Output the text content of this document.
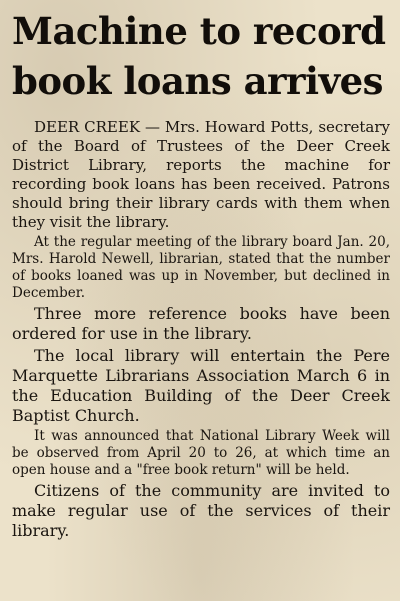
Machine to record
book loans arrives

DEER CREEK — Mrs. Howard Potts, secretary of the Board of Trustees of the Deer Creek District Library, reports the machine for recording book loans has been received. Patrons should bring their library cards with them when they visit the library.

At the regular meeting of the library board Jan. 20, Mrs. Harold Newell, librarian, stated that the number of books loaned was up in November, but declined in December.

Three more reference books have been ordered for use in the library.

The local library will entertain the Pere Marquette Librarians Association March 6 in the Education Building of the Deer Creek Baptist Church.

It was announced that National Library Week will be observed from April 20 to 26, at which time an open house and a "free book return" will be held.

Citizens of the community are invited to make regular use of the services of their library.
